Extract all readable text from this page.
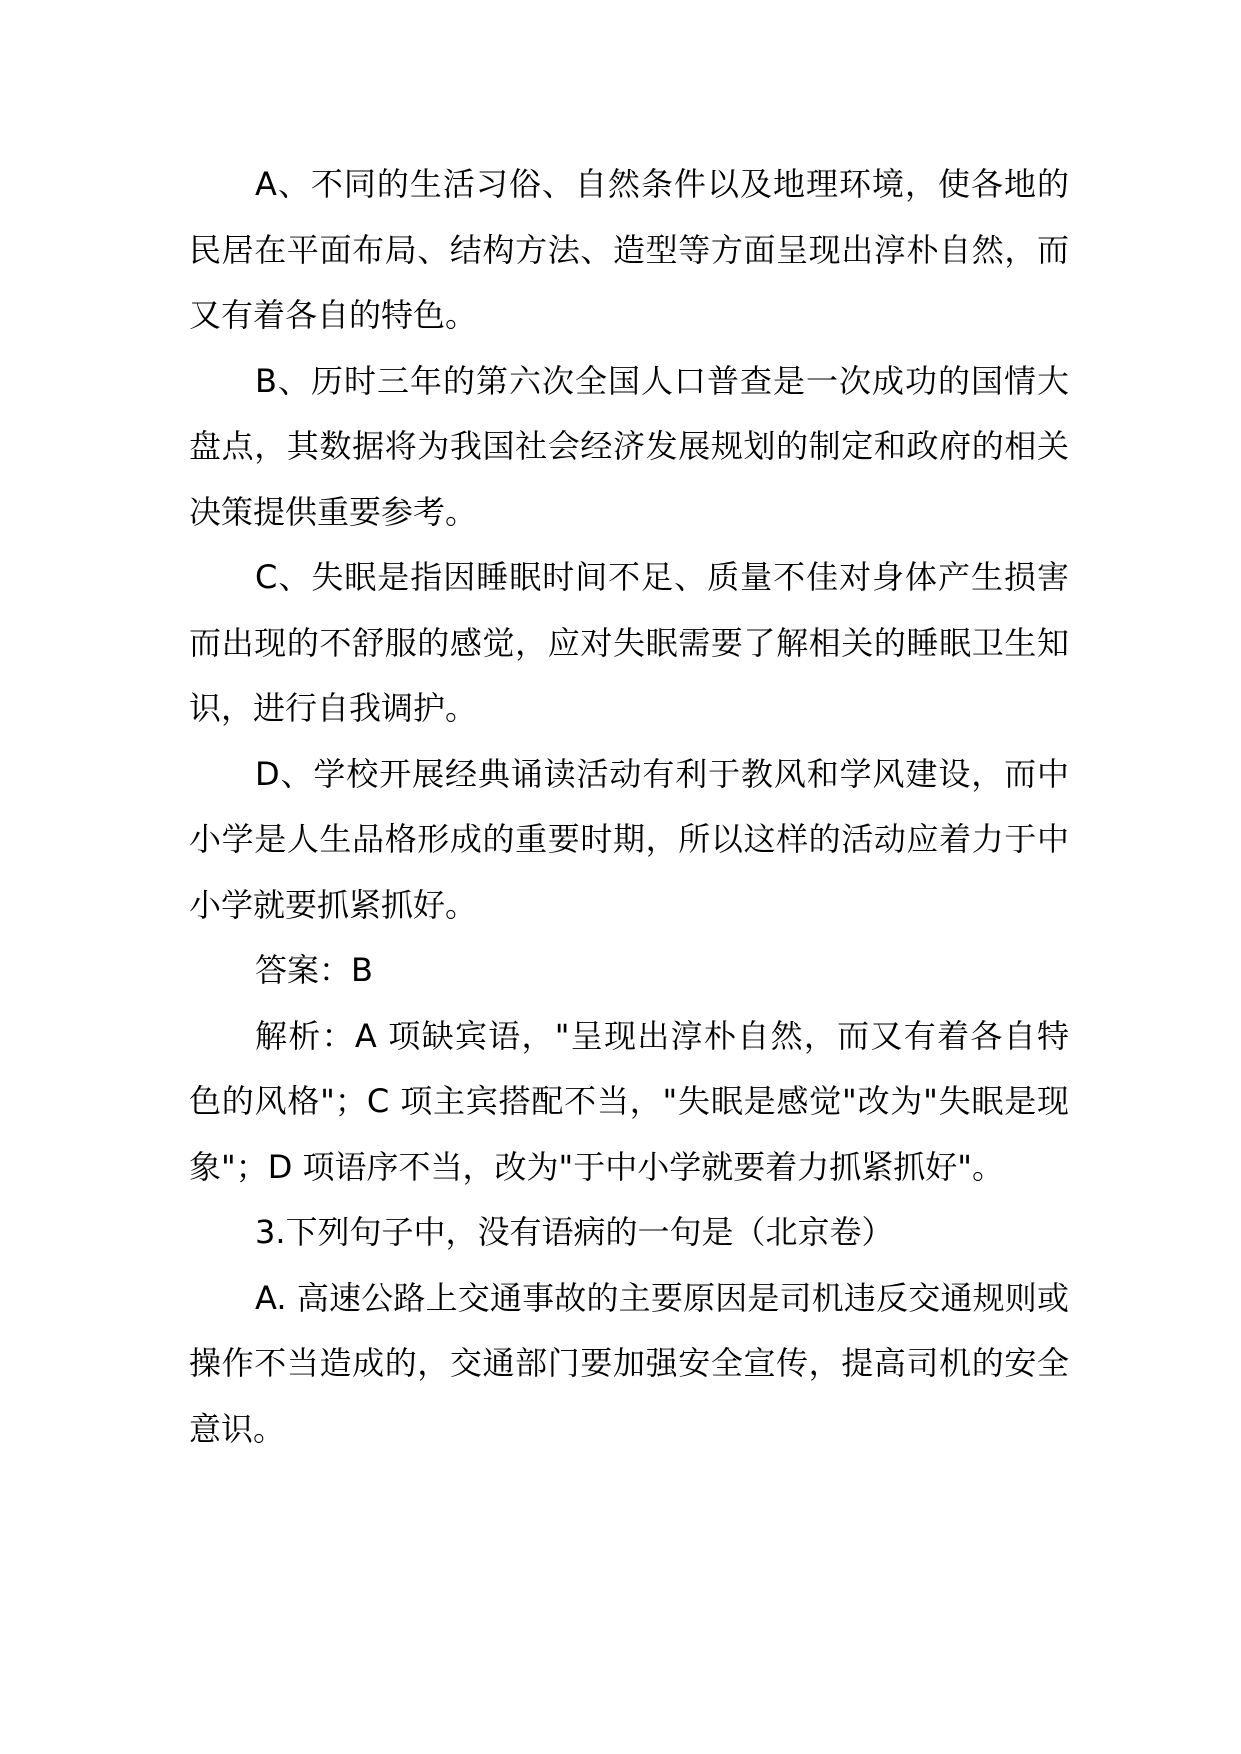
A、不同的生活习俗、自然条件以及地理环境，使各地的民居在平面布局、结构方法、造型等方面呈现出淳朴自然，而又有着各自的特色。

B、历时三年的第六次全国人口普查是一次成功的国情大盘点，其数据将为我国社会经济发展规划的制定和政府的相关决策提供重要参考。

C、失眠是指因睡眠时间不足、质量不佳对身体产生损害而出现的不舒服的感觉，应对失眠需要了解相关的睡眠卫生知识，进行自我调护。

D、学校开展经典诵读活动有利于教风和学风建设，而中小学是人生品格形成的重要时期，所以这样的活动应着力于中小学就要抓紧抓好。

答案：B

解析：A 项缺宾语，"呈现出淳朴自然，而又有着各自特色的风格"；C 项主宾搭配不当，"失眠是感觉"改为"失眠是现象"；D 项语序不当，改为"于中小学就要着力抓紧抓好"。

3.下列句子中，没有语病的一句是（北京卷）

A. 高速公路上交通事故的主要原因是司机违反交通规则或操作不当造成的，交通部门要加强安全宣传，提高司机的安全意识。
